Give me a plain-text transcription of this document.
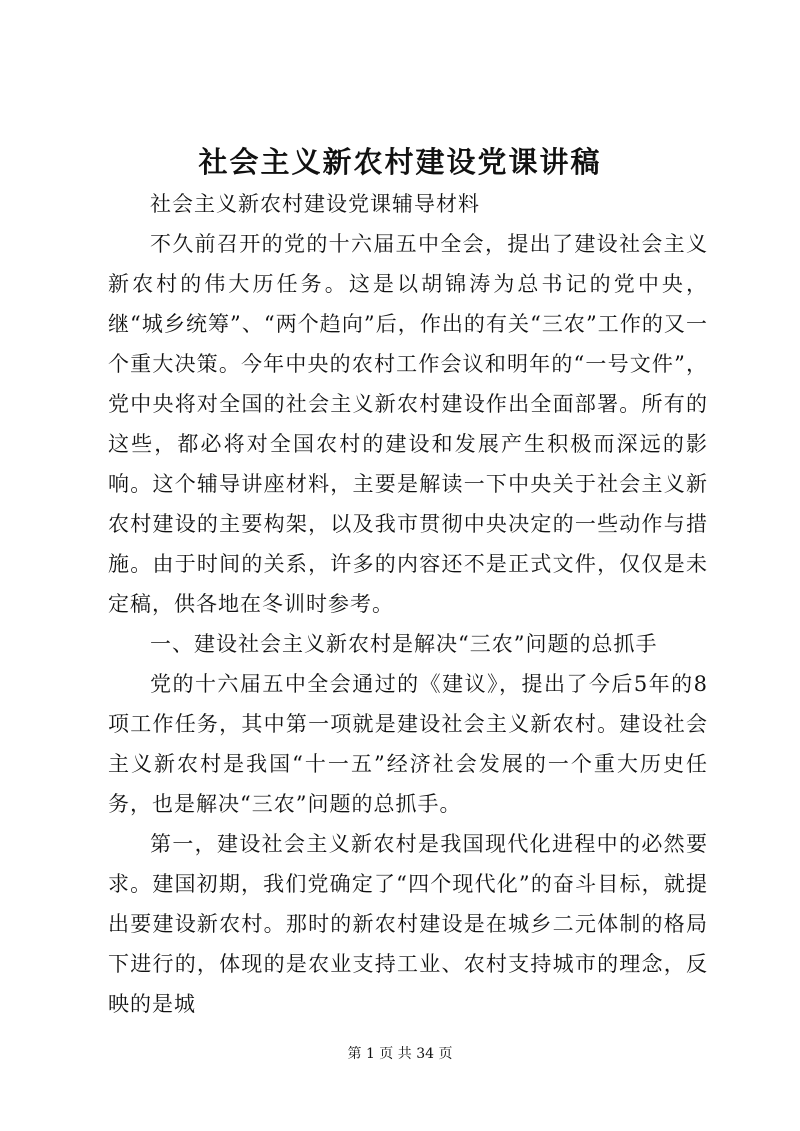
社会主义新农村建设党课讲稿

社会主义新农村建设党课辅导材料

不久前召开的党的十六届五中全会，提出了建设社会主义新农村的伟大历任务。这是以胡锦涛为总书记的党中央，继“城乡统筹”、“两个趋向”后，作出的有关“三农”工作的又一个重大决策。今年中央的农村工作会议和明年的“一号文件”，党中央将对全国的社会主义新农村建设作出全面部署。所有的这些，都必将对全国农村的建设和发展产生积极而深远的影响。这个辅导讲座材料，主要是解读一下中央关于社会主义新农村建设的主要构架，以及我市贯彻中央决定的一些动作与措施。由于时间的关系，许多的内容还不是正式文件，仅仅是未定稿，供各地在冬训时参考。

一、建设社会主义新农村是解决“三农”问题的总抓手

党的十六届五中全会通过的《建议》，提出了今后5年的8项工作任务，其中第一项就是建设社会主义新农村。建设社会主义新农村是我国“十一五”经济社会发展的一个重大历史任务，也是解决“三农”问题的总抓手。

第一，建设社会主义新农村是我国现代化进程中的必然要求。建国初期，我们党确定了“四个现代化”的奋斗目标，就提出要建设新农村。那时的新农村建设是在城乡二元体制的格局下进行的，体现的是农业支持工业、农村支持城市的理念，反映的是城

第 1 页 共 34 页
